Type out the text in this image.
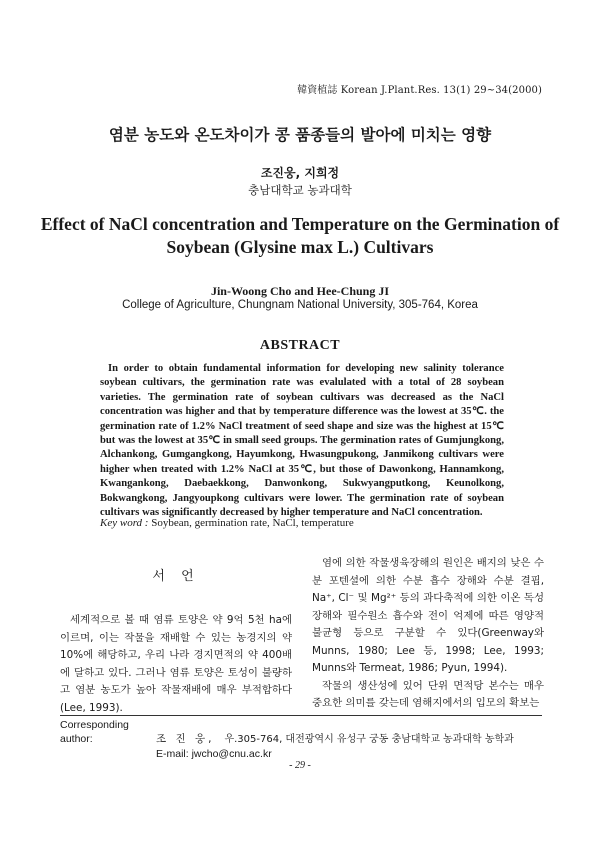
韓資植誌 Korean J.Plant.Res. 13(1) 29~34(2000)
염분 농도와 온도차이가 콩 품종들의 발아에 미치는 영향
조진웅, 지희정
충남대학교 농과대학
Effect of NaCl concentration and Temperature on the Germination of Soybean (Glysine max L.) Cultivars
Jin-Woong Cho and Hee-Chung JI
College of Agriculture, Chungnam National University, 305-764, Korea
ABSTRACT
In order to obtain fundamental information for developing new salinity tolerance soybean cultivars, the germination rate was evalulated with a total of 28 soybean varieties. The germination rate of soybean cultivars was decreased as the NaCl concentration was higher and that by temperature difference was the lowest at 35℃. the germination rate of 1.2% NaCl treatment of seed shape and size was the highest at 15℃ but was the lowest at 35℃ in small seed groups. The germination rates of Gumjungkong, Alchankong, Gumgangkong, Hayumkong, Hwasungpukong, Janmikong cultivars were higher when treated with 1.2% NaCl at 35℃, but those of Dawonkong, Hannamkong, Kwangankong, Daebaekkong, Danwonkong, Sukwyangputkong, Keunolkong, Bokwangkong, Jangyoupkong cultivars were lower. The germination rate of soybean cultivars was significantly decreased by higher temperature and NaCl concentration.
Key word : Soybean, germination rate, NaCl, temperature
서 언

세계적으로 볼 때 염류 토양은 약 9억 5천 ha에 이르며, 이는 작물을 재배할 수 있는 농경지의 약 10%에 해당하고, 우리 나라 경지면적의 약 400배에 달하고 있다. 그러나 염류 토양은 토성이 불량하고 염분 농도가 높아 작물재배에 매우 부적합하다(Lee, 1993).

염에 의한 작물생육장해의 원인은 배지의 낮은 수분 포텐셜에 의한 수분 흡수 장해와 수분 결핍, Na⁺, Cl⁻ 및 Mg²⁺ 등의 과다축적에 의한 이온 독성장해와 필수원소 흡수와 전이 억제에 따른 영양적 불균형 등으로 구분할 수 있다(Greenway와 Munns, 1980; Lee 등, 1998; Lee, 1993; Munns와 Termeat, 1986; Pyun, 1994).

작물의 생산성에 있어 단위 면적당 본수는 매우 중요한 의미를 갖는데 염해지에서의 입모의 확보는

Corresponding author:	조 진 웅, 우.305-764, 대전광역시 유성구 궁동 충남대학교 농과대학 농학과
E-mail: jwcho@cnu.ac.kr
- 29 -
